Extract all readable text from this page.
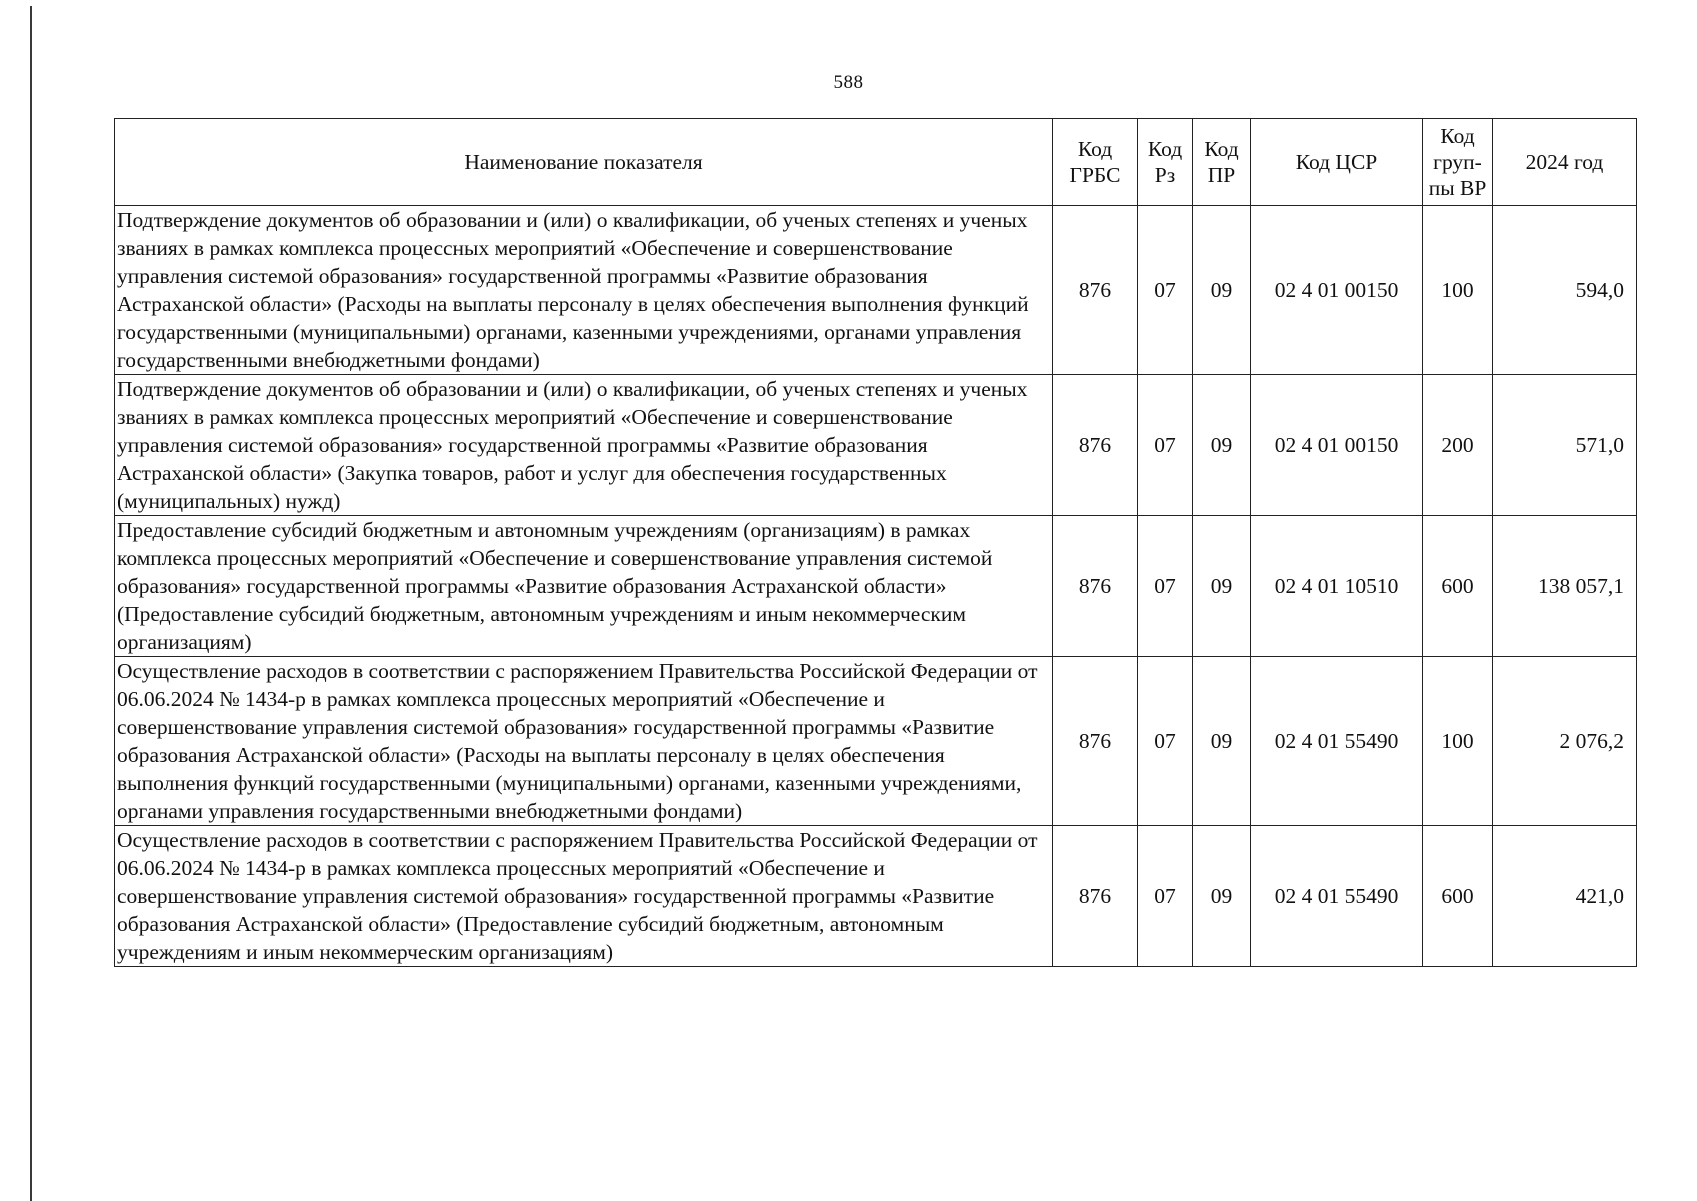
588
Наименование показателя	Код ГРБС	Код Рз	Код ПР	Код ЦСР	Код груп-пы ВР	2024 год
Подтверждение документов об образовании и (или) о квалификации, об ученых степенях и ученых званиях в рамках комплекса процессных мероприятий «Обеспечение и совершенствование управления системой образования» государственной программы «Развитие образования Астраханской области» (Расходы на выплаты персоналу в целях обеспечения выполнения функций государственными (муниципальными) органами, казенными учреждениями, органами управления государственными внебюджетными фондами)	876	07	09	02 4 01 00150	100	594,0
Подтверждение документов об образовании и (или) о квалификации, об ученых степенях и ученых званиях в рамках комплекса процессных мероприятий «Обеспечение и совершенствование управления системой образования» государственной программы «Развитие образования Астраханской области» (Закупка товаров, работ и услуг для обеспечения государственных (муниципальных) нужд)	876	07	09	02 4 01 00150	200	571,0
Предоставление субсидий бюджетным и автономным учреждениям (организациям) в рамках комплекса процессных мероприятий «Обеспечение и совершенствование управления системой образования» государственной программы «Развитие образования Астраханской области» (Предоставление субсидий бюджетным, автономным учреждениям и иным некоммерческим организациям)	876	07	09	02 4 01 10510	600	138 057,1
Осуществление расходов в соответствии с распоряжением Правительства Российской Федерации от 06.06.2024 № 1434-р в рамках комплекса процессных мероприятий «Обеспечение и совершенствование управления системой образования» государственной программы «Развитие образования Астраханской области» (Расходы на выплаты персоналу в целях обеспечения выполнения функций государственными (муниципальными) органами, казенными учреждениями, органами управления государственными внебюджетными фондами)	876	07	09	02 4 01 55490	100	2 076,2
Осуществление расходов в соответствии с распоряжением Правительства Российской Федерации от 06.06.2024 № 1434-р в рамках комплекса процессных мероприятий «Обеспечение и совершенствование управления системой образования» государственной программы «Развитие образования Астраханской области» (Предоставление субсидий бюджетным, автономным учреждениям и иным некоммерческим организациям)	876	07	09	02 4 01 55490	600	421,0
